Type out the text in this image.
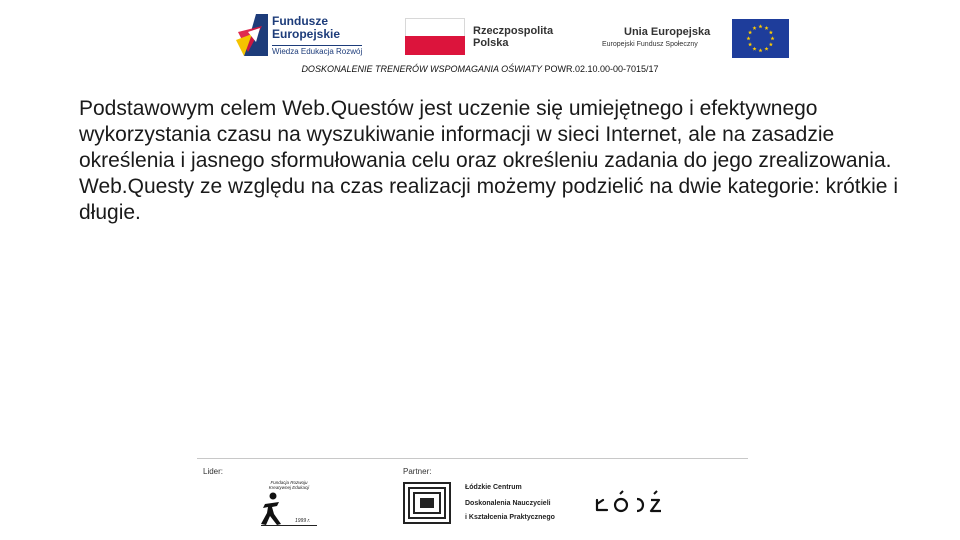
Fundusze
Europejskie
Wiedza Edukacja Rozwój
Rzeczpospolita
Polska
Unia Europejska
Europejski Fundusz Społeczny
DOSKONALENIE TRENERÓW WSPOMAGANIA OŚWIATY POWR.02.10.00-00-7015/17

Podstawowym celem Web.Questów jest uczenie się umiejętnego i efektywnego wykorzystania czasu na wyszukiwanie informacji w sieci Internet, ale na zasadzie określenia i jasnego sformułowania celu oraz określeniu zadania do jego zrealizowania.

Web.Questy ze względu na czas realizacji możemy podzielić na dwie kategorie: krótkie i długie.

Lider:	Partner:
Fundacja Rozwoju Kreatywnej Edukacji
1999 r.
Łódzkie Centrum
Doskonalenia Nauczycieli
i Kształcenia Praktycznego
